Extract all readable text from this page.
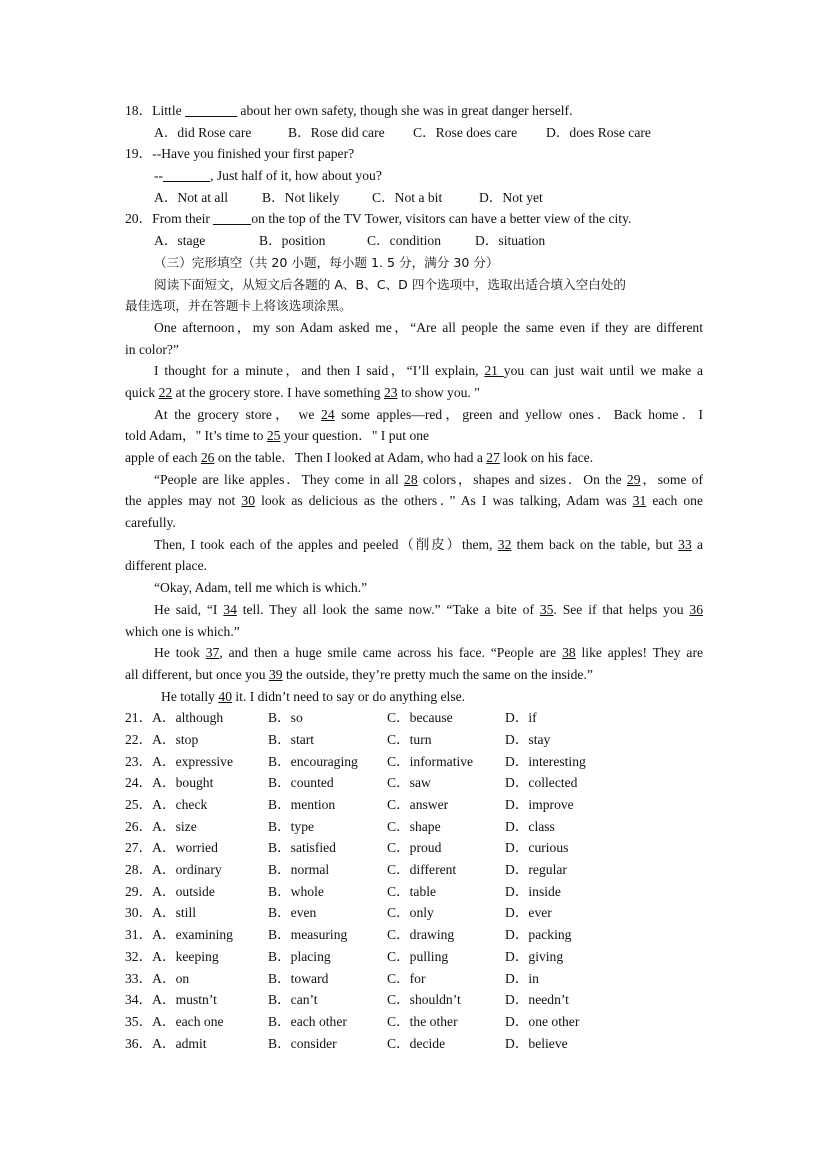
18．Little	about her own safety, though she was in great danger herself.
A．did Rose care	B．Rose did care C．Rose does care D．does Rose care
19．--Have you finished your first paper?
--	, Just half of it, how about you?
A．Not at all	B．Not likely C．Not a bit	D．Not yet
20．From their	on the top of the TV Tower, visitors can have a better view of the city.
A．stage	B．position	C．condition D．situation
（三）完形填空（共 20 小题，每小题 1. 5 分，满分 30 分）
阅读下面短文，从短文后各题的 A、B、C、D 四个选项中，选取出适合填入空白处的
最佳选项，并在答题卡上将该选项涂黑。
One afternoon，my son Adam asked me，“Are all people the same even if they are different
in color?”
I thought for a minute，and then I said，“I’ll explain, 21 you can just wait until we make a
quick 22 at the grocery store. I have something 23 to show you. "
At the grocery store， we 24 some apples—red，green and yellow ones．Back home．I
told Adam，" It’s time to 25 your question．" I put one
apple of each 26 on the table．Then I looked at Adam, who had a 27 look on his face.
“People are like apples．They come in all 28 colors，shapes and sizes．On the 29，some of
the apples may not 30 look as delicious as the others．” As I was talking, Adam was 31 each one
carefully.
Then, I took each of the apples and peeled（削皮）them, 32 them back on the table, but 33 a
different place.
“Okay, Adam, tell me which is which.”
He said, “I 34 tell. They all look the same now.” “Take a bite of 35. See if that helps you 36
which one is which.”
He took 37, and then a huge smile came across his face. “People are 38 like apples! They are
all different, but once you 39 the outside, they’re pretty much the same on the inside.”
He totally 40 it. I didn’t need to say or do anything else.
21．A．although	B．so	C．because	D．if
22．A．stop	B．start	C．turn	D．stay
23．A．expressive	B．encouraging C．informative D．interesting
24．A．bought	B．counted	C．saw	D．collected
25．A．check	B．mention	C．answer	D．improve
26．A．size	B．type	C．shape	D．class
27．A．worried	B．satisfied	C．proud	D．curious
28．A．ordinary	B．normal	C．different	D．regular
29．A．outside	B．whole	C．table	D．inside
30．A．still	B．even	C．only	D．ever
31．A．examining	B．measuring	C．drawing	D．packing
32．A．keeping	B．placing	C．pulling	D．giving
33．A．on	B．toward	C．for	D．in
34．A．mustn’t	B．can’t	C．shouldn’t	D．needn’t
35．A．each one	B．each other	C．the other	D．one other
36．A．admit	B．consider	C．decide	D．believe
